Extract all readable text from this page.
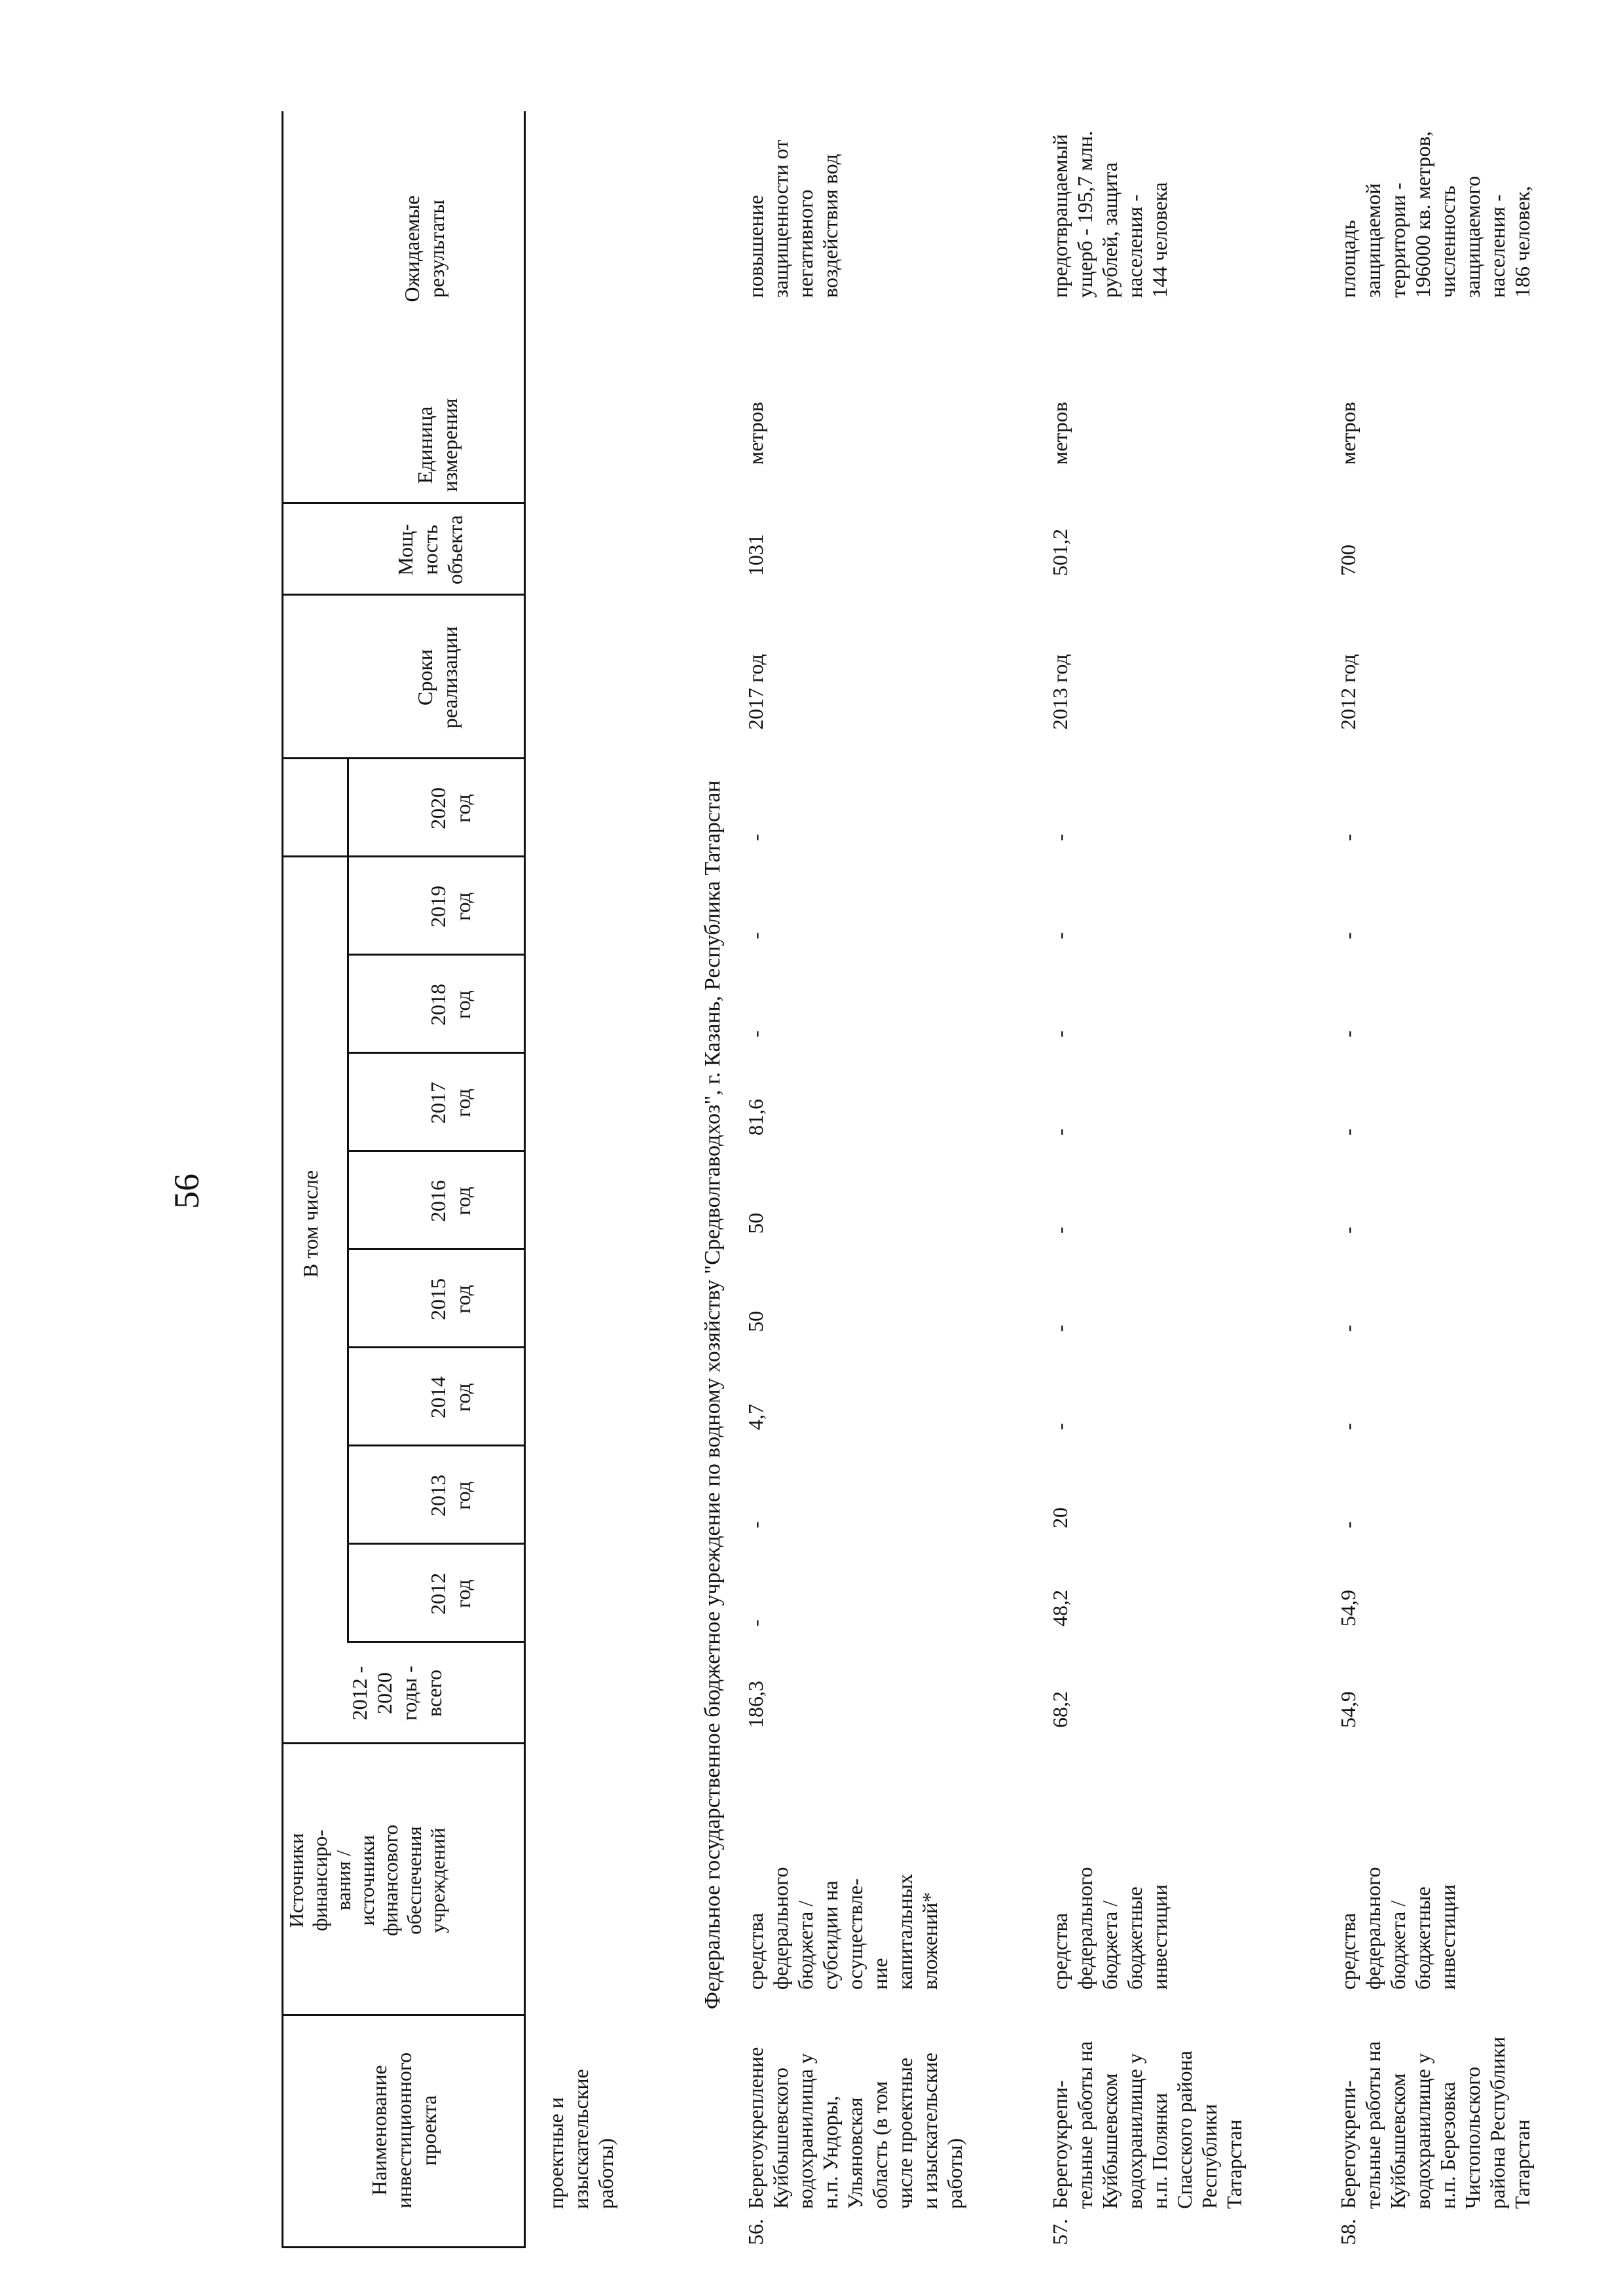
56
Наименование
инвестиционного
проекта
Источники
финансиро-
вания /
источники
финансового
обеспечения
учреждений
2012 -
2020
годы -
всего
В том числе
2012
год
2013
год
2014
год
2015
год
2016
год
2017
год
2018
год
2019
год
2020
год
Сроки
реализации
Мощ-
ность
объекта
Единица
измерения
Ожидаемые
результаты
проектные и
изыскательские
работы)
Федеральное государственное бюджетное учреждение по водному хозяйству "Средволгаводхоз", г. Казань, Республика Татарстан
56.
Берегоукрепление
Куйбышевского
водохранилища у
н.п. Ундоры,
Ульяновская
область (в том
числе проектные
и изыскательские
работы)
средства
федерального
бюджета /
субсидии на
осуществле-
ние
капитальных
вложений*
186,3
-
-
4,7
50
50
81,6
-
-
-
2017 год
1031
метров
повышение
защищенности от
негативного
воздействия вод
57.
Берегоукрепи-
тельные работы на
Куйбышевском
водохранилище у
н.п. Полянки
Спасского района
Республики
Татарстан
средства
федерального
бюджета /
бюджетные
инвестиции
68,2
48,2
20
-
-
-
-
-
-
-
2013 год
501,2
метров
предотвращаемый
ущерб - 195,7 млн.
рублей, защита
населения -
144 человека
58.
Берегоукрепи-
тельные работы на
Куйбышевском
водохранилище у
н.п. Березовка
Чистопольского
района Республики
Татарстан
средства
федерального
бюджета /
бюджетные
инвестиции
54,9
54,9
-
-
-
-
-
-
-
-
2012 год
700
метров
площадь
защищаемой
территории -
196000 кв. метров,
численность
защищаемого
населения -
186 человек,
